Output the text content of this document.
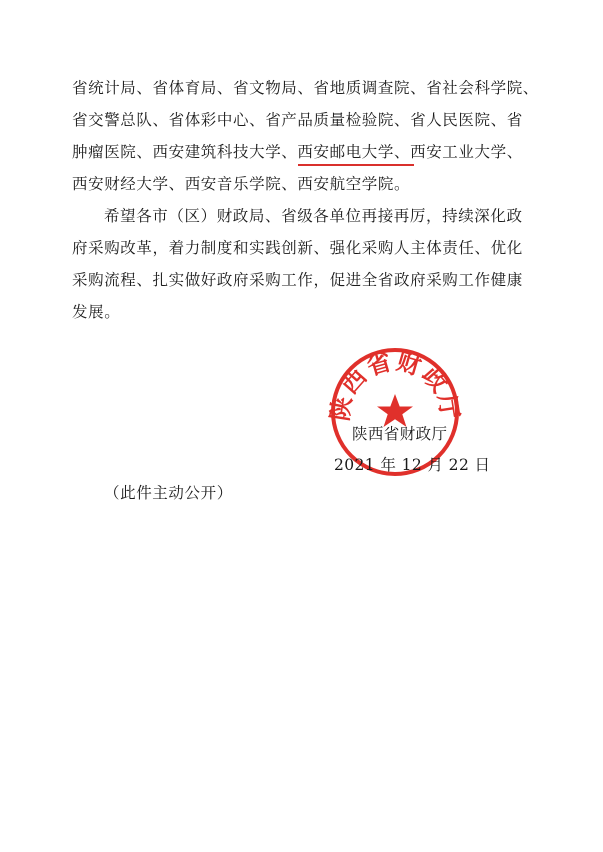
省统计局、省体育局、省文物局、省地质调查院、省社会科学院、
省交警总队、省体彩中心、省产品质量检验院、省人民医院、省
肿瘤医院、西安建筑科技大学、西安邮电大学、西安工业大学、
西安财经大学、西安音乐学院、西安航空学院。
希望各市（区）财政局、省级各单位再接再厉，持续深化政
府采购改革，着力制度和实践创新、强化采购人主体责任、优化
采购流程、扎实做好政府采购工作，促进全省政府采购工作健康
发展。
陕西省财政厅
陕西省财政厅
2021 年 12 月 22 日
（此件主动公开）
